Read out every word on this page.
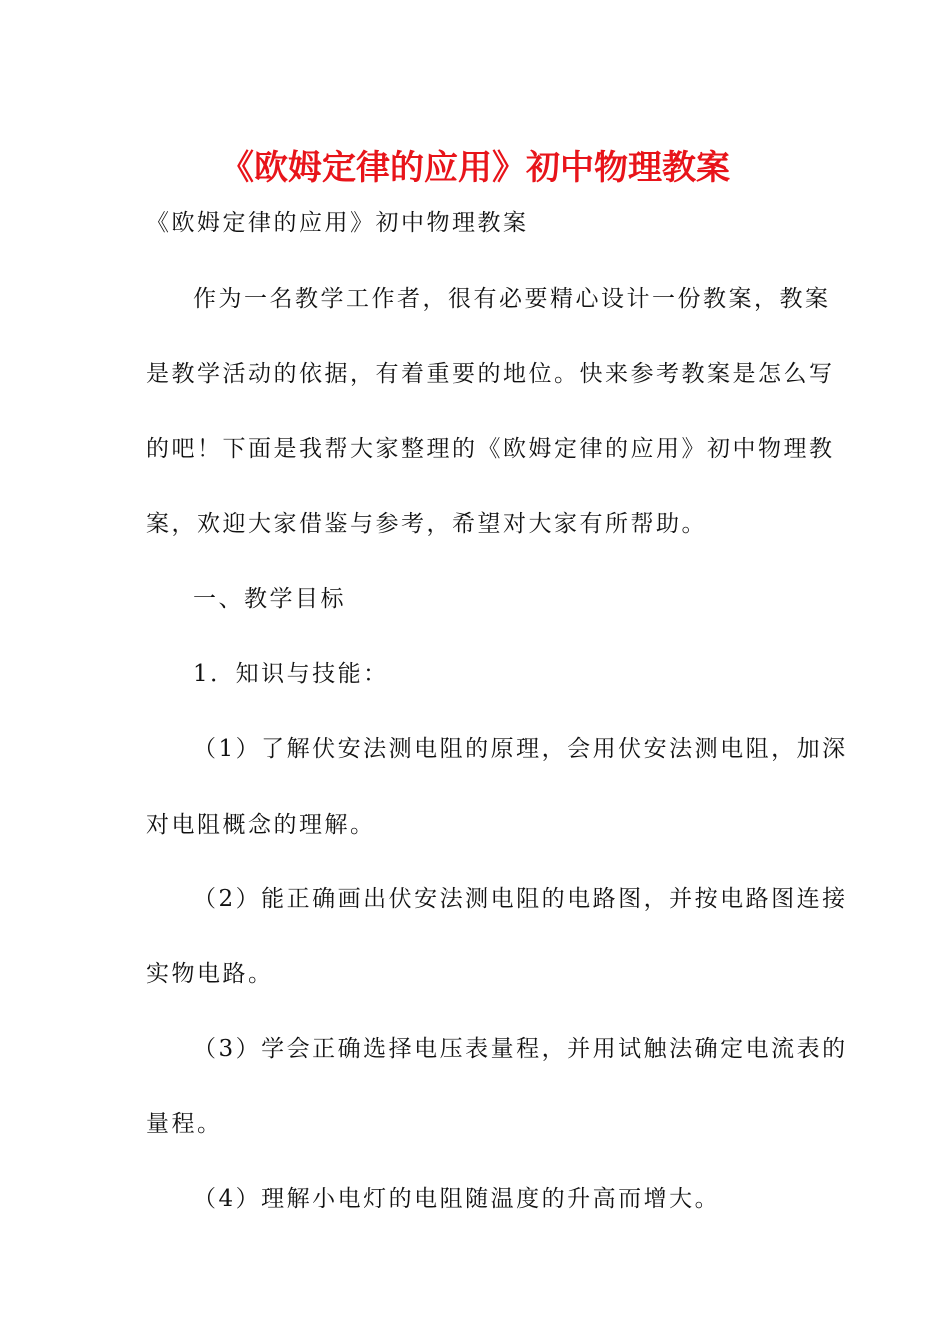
《欧姆定律的应用》初中物理教案

《欧姆定律的应用》初中物理教案

作为一名教学工作者，很有必要精心设计一份教案，教案

是教学活动的依据，有着重要的地位。快来参考教案是怎么写

的吧！下面是我帮大家整理的《欧姆定律的应用》初中物理教

案，欢迎大家借鉴与参考，希望对大家有所帮助。

一、教学目标

1．知识与技能：

（1）了解伏安法测电阻的原理，会用伏安法测电阻，加深

对电阻概念的理解。

（2）能正确画出伏安法测电阻的电路图，并按电路图连接

实物电路。

（3）学会正确选择电压表量程，并用试触法确定电流表的

量程。

（4）理解小电灯的电阻随温度的升高而增大。
